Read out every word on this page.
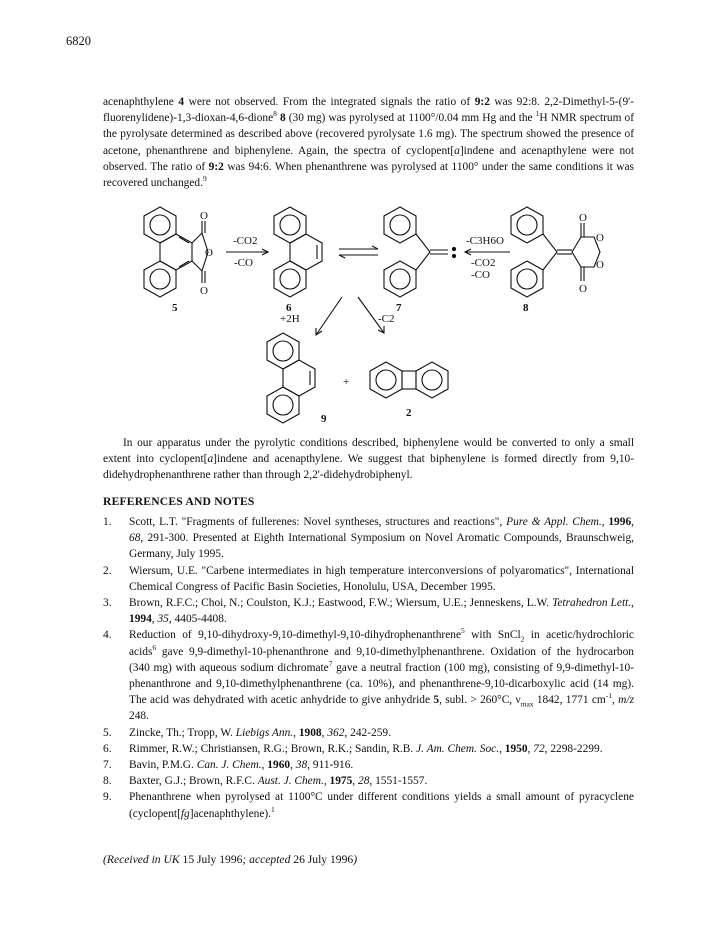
6820
acenaphthylene 4 were not observed. From the integrated signals the ratio of 9:2 was 92:8. 2,2-Dimethyl-5-(9'-fluorenylidene)-1,3-dioxan-4,6-dione$^8$ 8 (30 mg) was pyrolysed at 1100°/0.04 mm Hg and the $^1$H NMR spectrum of the pyrolysate determined as described above (recovered pyrolysate 1.6 mg). The spectrum showed the presence of acetone, phenanthrene and biphenylene. Again, the spectra of cyclopent[a]indene and acenapthylene were not observed. The ratio of 9:2 was 94:6. When phenanthrene was pyrolysed at 1100° under the same conditions it was recovered unchanged.$^9$
O
O
O
O
O
O
O
-CO2
-CO
-C3H6O
-CO2
-CO
+2H	-C2
+
5	6	7	8
9	2
In our apparatus under the pyrolytic conditions described, biphenylene would be converted to only a small extent into cyclopent[a]indene and acenapthylene. We suggest that biphenylene is formed directly from 9,10-didehydrophenanthrene rather than through 2,2'-didehydrobiphenyl.
REFERENCES AND NOTES
1. Scott, L.T. "Fragments of fullerenes: Novel syntheses, structures and reactions", Pure & Appl. Chem., 1996, 68, 291-300. Presented at Eighth International Symposium on Novel Aromatic Compounds, Braunschweig, Germany, July 1995.
2. Wiersum, U.E. "Carbene intermediates in high temperature interconversions of polyaromatics", International Chemical Congress of Pacific Basin Societies, Honolulu, USA, December 1995.
3. Brown, R.F.C.; Choi, N.; Coulston, K.J.; Eastwood, F.W.; Wiersum, U.E.; Jenneskens, L.W. Tetrahedron Lett., 1994, 35, 4405-4408.
4. Reduction of 9,10-dihydroxy-9,10-dimethyl-9,10-dihydrophenanthrene$^5$ with SnCl$_2$ in acetic/hydrochloric acids$^6$ gave 9,9-dimethyl-10-phenanthrone and 9,10-dimethylphenanthrene. Oxidation of the hydrocarbon (340 mg) with aqueous sodium dichromate$^7$ gave a neutral fraction (100 mg), consisting of 9,9-dimethyl-10-phenanthrone and 9,10-dimethylphenanthrene (ca. 10%), and phenanthrene-9,10-dicarboxylic acid (14 mg). The acid was dehydrated with acetic anhydride to give anhydride 5, subl. > 260°C, $\nu_{max}$ 1842, 1771 $cm^{-1}$, m/z 248.
5. Zincke, Th.; Tropp, W. Liebigs Ann., 1908, 362, 242-259.
6. Rimmer, R.W.; Christiansen, R.G.; Brown, R.K.; Sandin, R.B. J. Am. Chem. Soc., 1950, 72, 2298-2299.
7. Bavin, P.M.G. Can. J. Chem., 1960, 38, 911-916.
8. Baxter, G.J.; Brown, R.F.C. Aust. J. Chem., 1975, 28, 1551-1557.
9. Phenanthrene when pyrolysed at 1100°C under different conditions yields a small amount of pyracyclene (cyclopent[fg]acenaphthylene).$^1$
(Received in UK 15 July 1996; accepted 26 July 1996)
